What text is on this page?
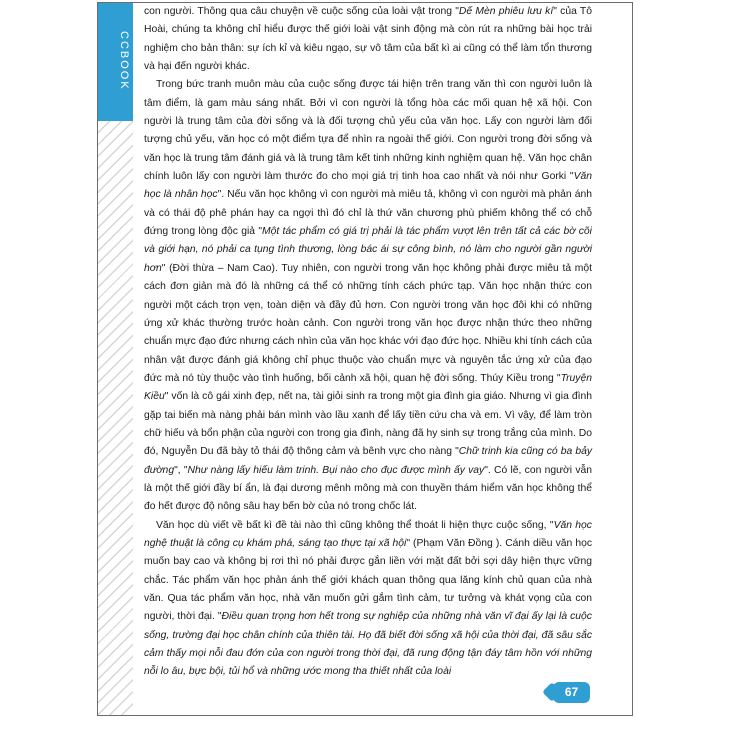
CCBOOK

con người. Thông qua câu chuyện về cuộc sống của loài vật trong "Dế Mèn phiêu lưu kí" của Tô Hoài, chúng ta không chỉ hiểu được thế giới loài vật sinh động mà còn rút ra những bài học trải nghiệm cho bản thân: sự ích kỉ và kiêu ngạo, sự vô tâm của bất kì ai cũng có thể làm tổn thương và hại đến người khác.

Trong bức tranh muôn màu của cuộc sống được tái hiện trên trang văn thì con người luôn là tâm điểm, là gam màu sáng nhất. Bởi vì con người là tổng hòa các mối quan hệ xã hội. Con người là trung tâm của đời sống và là đối tượng chủ yếu của văn học. Lấy con người làm đối tượng chủ yếu, văn học có một điểm tựa để nhìn ra ngoài thế giới. Con người trong đời sống và văn học là trung tâm đánh giá và là trung tâm kết tinh những kinh nghiệm quan hệ. Văn học chân chính luôn lấy con người làm thước đo cho mọi giá trị tinh hoa cao nhất và nói như Gorki "Văn học là nhân học". Nếu văn học không vì con người mà miêu tả, không vì con người mà phản ánh và có thái độ phê phán hay ca ngợi thì đó chỉ là thứ văn chương phù phiếm không thể có chỗ đứng trong lòng độc giả "Một tác phẩm có giá trị phải là tác phẩm vượt lên trên tất cả các bờ cõi và giới hạn, nó phải ca tụng tình thương, lòng bác ái sự công bình, nó làm cho người gần người hơn" (Đời thừa – Nam Cao). Tuy nhiên, con người trong văn học không phải được miêu tả một cách đơn giản mà đó là những cá thể có những tính cách phức tạp. Văn học nhận thức con người một cách trọn vẹn, toàn diện và đầy đủ hơn. Con người trong văn học đôi khi có những ứng xử khác thường trước hoàn cảnh. Con người trong văn học được nhận thức theo những chuẩn mực đạo đức nhưng cách nhìn của văn học khác với đạo đức học. Nhiều khi tính cách của nhân vật được đánh giá không chỉ phục thuộc vào chuẩn mực và nguyên tắc ứng xử của đạo đức mà nó tùy thuộc vào tình huống, bối cảnh xã hội, quan hệ đời sống. Thúy Kiều trong "Truyện Kiều" vốn là cô gái xinh đẹp, nết na, tài giỏi sinh ra trong một gia đình gia giáo. Nhưng vì gia đình gặp tai biến mà nàng phải bán mình vào lầu xanh để lấy tiền cứu cha và em. Vì vậy, để làm tròn chữ hiếu và bổn phận của người con trong gia đình, nàng đã hy sinh sự trong trắng của mình. Do đó, Nguyễn Du đã bày tỏ thái độ thông cảm và bênh vực cho nàng "Chữ trinh kia cũng có ba bảy đường", "Như nàng lấy hiếu làm trinh. Bụi nào cho đục được mình ấy vay". Có lẽ, con người vẫn là một thế giới đầy bí ẩn, là đại dương mênh mông mà con thuyền thám hiểm văn học không thể đo hết được độ nông sâu hay bến bờ của nó trong chốc lát.

Văn học dù viết về bất kì đề tài nào thì cũng không thể thoát li hiện thực cuộc sống, "Văn học nghệ thuật là công cụ khám phá, sáng tạo thực tại xã hội" (Phạm Văn Đồng ). Cánh diều văn học muốn bay cao và không bị rơi thì nó phải được gắn liền với mặt đất bởi sợi dây hiện thực vững chắc. Tác phẩm văn học phản ánh thế giới khách quan thông qua lăng kính chủ quan của nhà văn. Qua tác phẩm văn học, nhà văn muốn gửi gắm tình cảm, tư tưởng và khát vọng của con người, thời đại. "Điều quan trọng hơn hết trong sự nghiệp của những nhà văn vĩ đại ấy lại là cuộc sống, trường đại học chân chính của thiên tài. Họ đã biết đời sống xã hội của thời đại, đã sâu sắc cảm thấy mọi nỗi đau đớn của con người trong thời đại, đã rung động tận đáy tâm hồn với những nỗi lo âu, bực bội, tủi hổ và những ước mong tha thiết nhất của loài

67
